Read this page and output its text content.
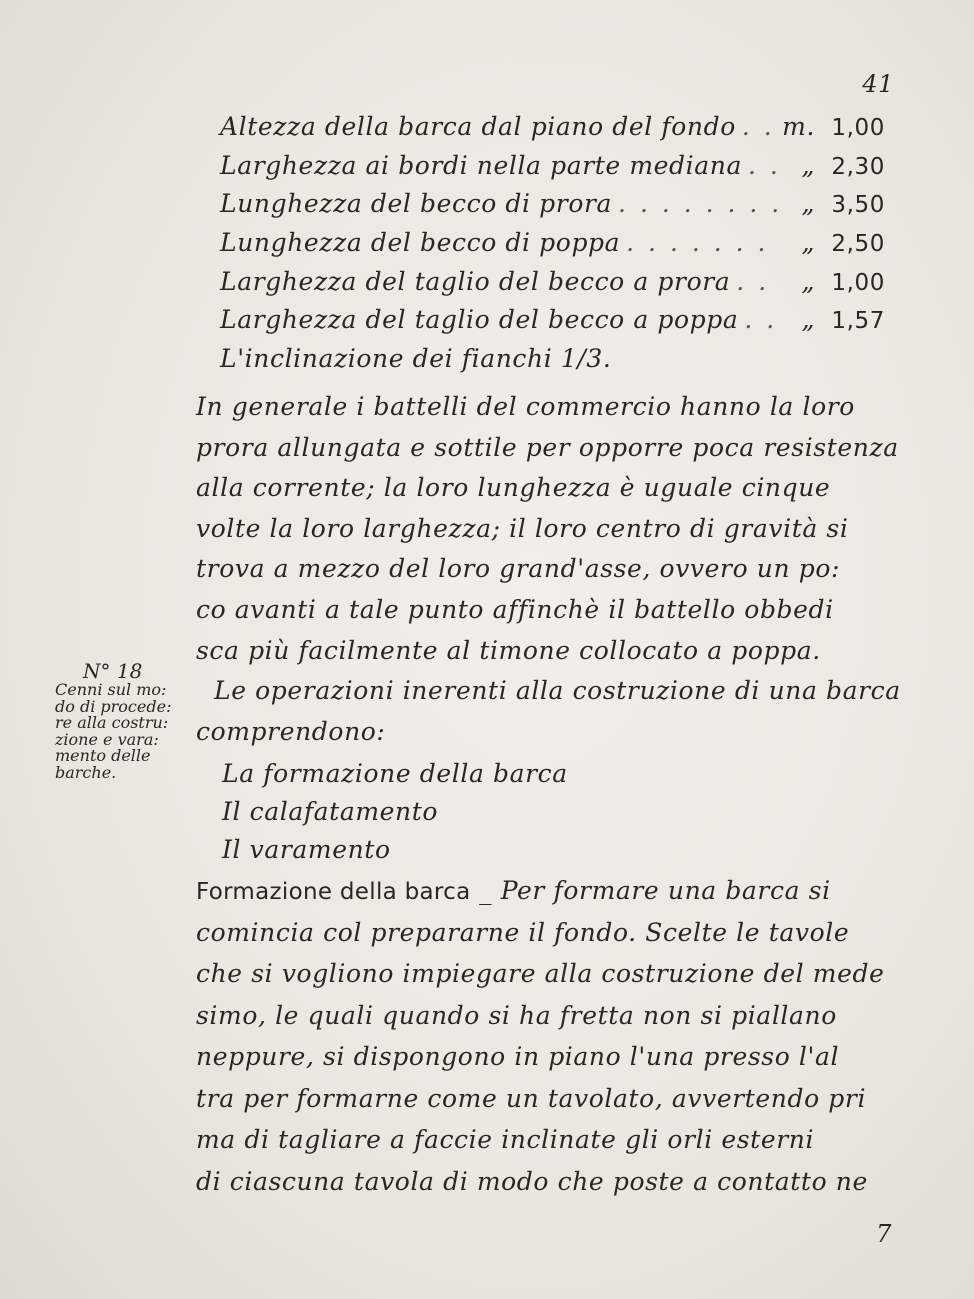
41
Altezza della barca dal piano del fondo . . . m. 1,00
Larghezza ai bordi nella parte mediana . . .	„ 2,30
Lunghezza del becco di prora . . .	„ 3,50
Lunghezza del becco di poppa . . .	„ 2,50
Larghezza del taglio del becco a prora . . .	„ 1,00
Larghezza del taglio del becco a poppa . . .	„ 1,57
L'inclinazione dei fianchi 1/3.
In generale i battelli del commercio hanno la loro
prora allungata e sottile per opporre poca resistenza
alla corrente; la loro lunghezza è uguale cinque
volte la loro larghezza; il loro centro di gravità si
trova a mezzo del loro grand'asse, ovvero un po:
co avanti a tale punto affinchè il battello obbedi
sca più facilmente al timone collocato a poppa.
Le operazioni inerenti alla costruzione di una barca
comprendono:
N° 18
Cenni sul mo:
do di procede:
re alla costru:
zione e vara:
mento delle
barche.	La formazione della barca
Il calafatamento
Il varamento
Formazione della barca _ Per formare una barca si
comincia col prepararne il fondo. Scelte le tavole
che si vogliono impiegare alla costruzione del mede
simo, le quali quando si ha fretta non si piallano
neppure, si dispongono in piano l'una presso l'al
tra per formarne come un tavolato, avvertendo pri
ma di tagliare a faccie inclinate gli orli esterni
di ciascuna tavola di modo che poste a contatto ne
7
